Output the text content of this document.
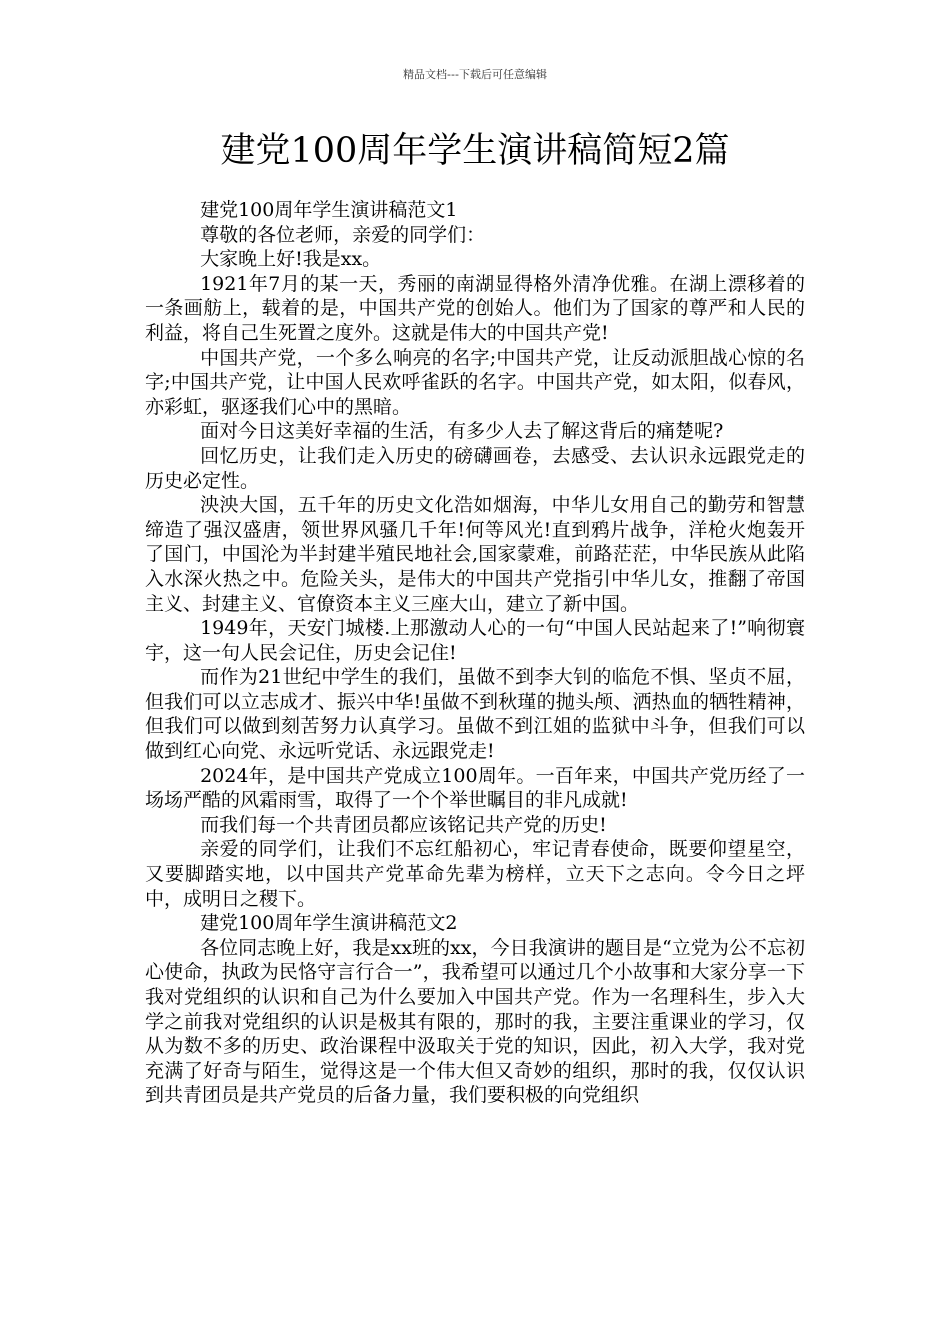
精品文档---下载后可任意编辑
建党100周年学生演讲稿简短2篇

建党100周年学生演讲稿范文1

尊敬的各位老师，亲爱的同学们：

大家晚上好!我是xx。

1921年7月的某一天，秀丽的南湖显得格外清净优雅。在湖上漂移着的一条画舫上，载着的是，中国共产党的创始人。他们为了国家的尊严和人民的利益，将自己生死置之度外。这就是伟大的中国共产党!

中国共产党，一个多么响亮的名字;中国共产党，让反动派胆战心惊的名字;中国共产党，让中国人民欢呼雀跃的名字。中国共产党，如太阳，似春风，亦彩虹，驱逐我们心中的黑暗。

面对今日这美好幸福的生活，有多少人去了解这背后的痛楚呢?

回忆历史，让我们走入历史的磅礴画卷，去感受、去认识永远跟党走的历史必定性。

泱泱大国，五千年的历史文化浩如烟海，中华儿女用自己的勤劳和智慧缔造了强汉盛唐，领世界风骚几千年!何等风光!直到鸦片战争，洋枪火炮轰开了国门，中国沦为半封建半殖民地社会,国家蒙难，前路茫茫，中华民族从此陷入水深火热之中。危险关头，是伟大的中国共产党指引中华儿女，推翻了帝国主义、封建主义、官僚资本主义三座大山，建立了新中国。

1949年，天安门城楼.上那激动人心的一句“中国人民站起来了!”响彻寰宇，这一句人民会记住，历史会记住!

而作为21世纪中学生的我们，虽做不到李大钊的临危不惧、坚贞不屈，但我们可以立志成才、振兴中华!虽做不到秋瑾的抛头颅、洒热血的牺牲精神，但我们可以做到刻苦努力认真学习。虽做不到江姐的监狱中斗争，但我们可以做到红心向党、永远听党话、永远跟党走!

2024年，是中国共产党成立100周年。一百年来，中国共产党历经了一场场严酷的风霜雨雪，取得了一个个举世瞩目的非凡成就!

而我们每一个共青团员都应该铭记共产党的历史!

亲爱的同学们，让我们不忘红船初心，牢记青春使命，既要仰望星空，又要脚踏实地，以中国共产党革命先辈为榜样，立天下之志向。令今日之坪中，成明日之稷下。

建党100周年学生演讲稿范文2

各位同志晚上好，我是xx班的xx，今日我演讲的题目是“立党为公不忘初心使命，执政为民恪守言行合一”，我希望可以通过几个小故事和大家分享一下我对党组织的认识和自己为什么要加入中国共产党。作为一名理科生，步入大学之前我对党组织的认识是极其有限的，那时的我，主要注重课业的学习，仅从为数不多的历史、政治课程中汲取关于党的知识，因此，初入大学，我对党充满了好奇与陌生，觉得这是一个伟大但又奇妙的组织，那时的我，仅仅认识到共青团员是共产党员的后备力量，我们要积极的向党组织
